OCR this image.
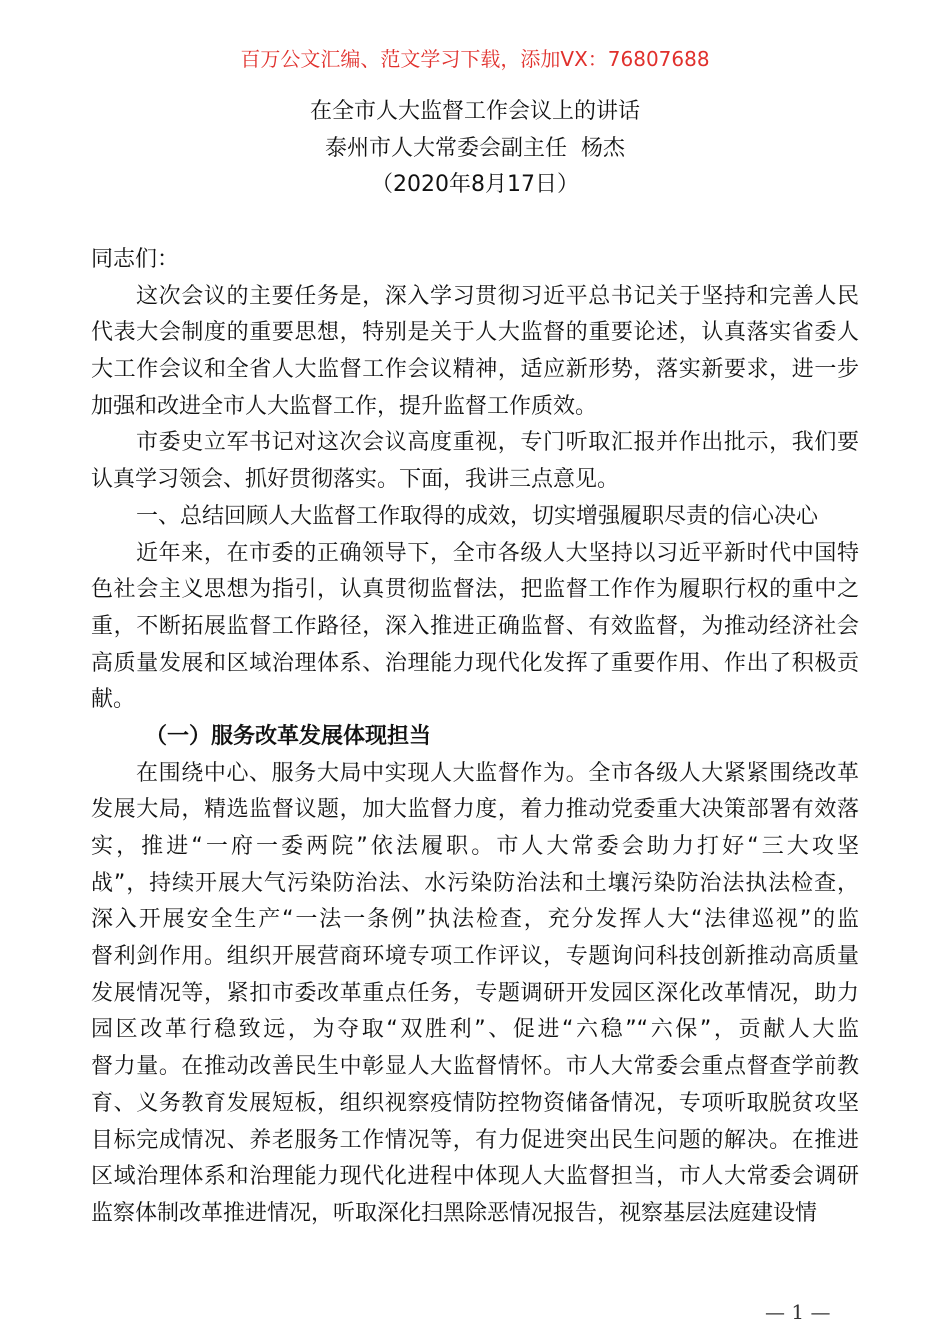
百万公文汇编、范文学习下载，添加VX：76807688
在全市人大监督工作会议上的讲话
泰州市人大常委会副主任  杨杰
（2020年8月17日）
同志们：
这次会议的主要任务是，深入学习贯彻习近平总书记关于坚持和完善人民
代表大会制度的重要思想，特别是关于人大监督的重要论述，认真落实省委人
大工作会议和全省人大监督工作会议精神，适应新形势，落实新要求，进一步
加强和改进全市人大监督工作，提升监督工作质效。
市委史立军书记对这次会议高度重视，专门听取汇报并作出批示，我们要
认真学习领会、抓好贯彻落实。下面，我讲三点意见。
一、总结回顾人大监督工作取得的成效，切实增强履职尽责的信心决心
近年来，在市委的正确领导下，全市各级人大坚持以习近平新时代中国特
色社会主义思想为指引，认真贯彻监督法，把监督工作作为履职行权的重中之
重，不断拓展监督工作路径，深入推进正确监督、有效监督，为推动经济社会
高质量发展和区域治理体系、治理能力现代化发挥了重要作用、作出了积极贡
献。
（一）服务改革发展体现担当
在围绕中心、服务大局中实现人大监督作为。全市各级人大紧紧围绕改革
发展大局，精选监督议题，加大监督力度，着力推动党委重大决策部署有效落
实，推进“一府一委两院”依法履职。市人大常委会助力打好“三大攻坚
战”，持续开展大气污染防治法、水污染防治法和土壤污染防治法执法检查，
深入开展安全生产“一法一条例”执法检查，充分发挥人大“法律巡视”的监
督利剑作用。组织开展营商环境专项工作评议，专题询问科技创新推动高质量
发展情况等，紧扣市委改革重点任务，专题调研开发园区深化改革情况，助力
园区改革行稳致远，为夺取“双胜利”、促进“六稳”“六保”，贡献人大监
督力量。在推动改善民生中彰显人大监督情怀。市人大常委会重点督查学前教
育、义务教育发展短板，组织视察疫情防控物资储备情况，专项听取脱贫攻坚
目标完成情况、养老服务工作情况等，有力促进突出民生问题的解决。在推进
区域治理体系和治理能力现代化进程中体现人大监督担当，市人大常委会调研
监察体制改革推进情况，听取深化扫黑除恶情况报告，视察基层法庭建设情
— 1 —
